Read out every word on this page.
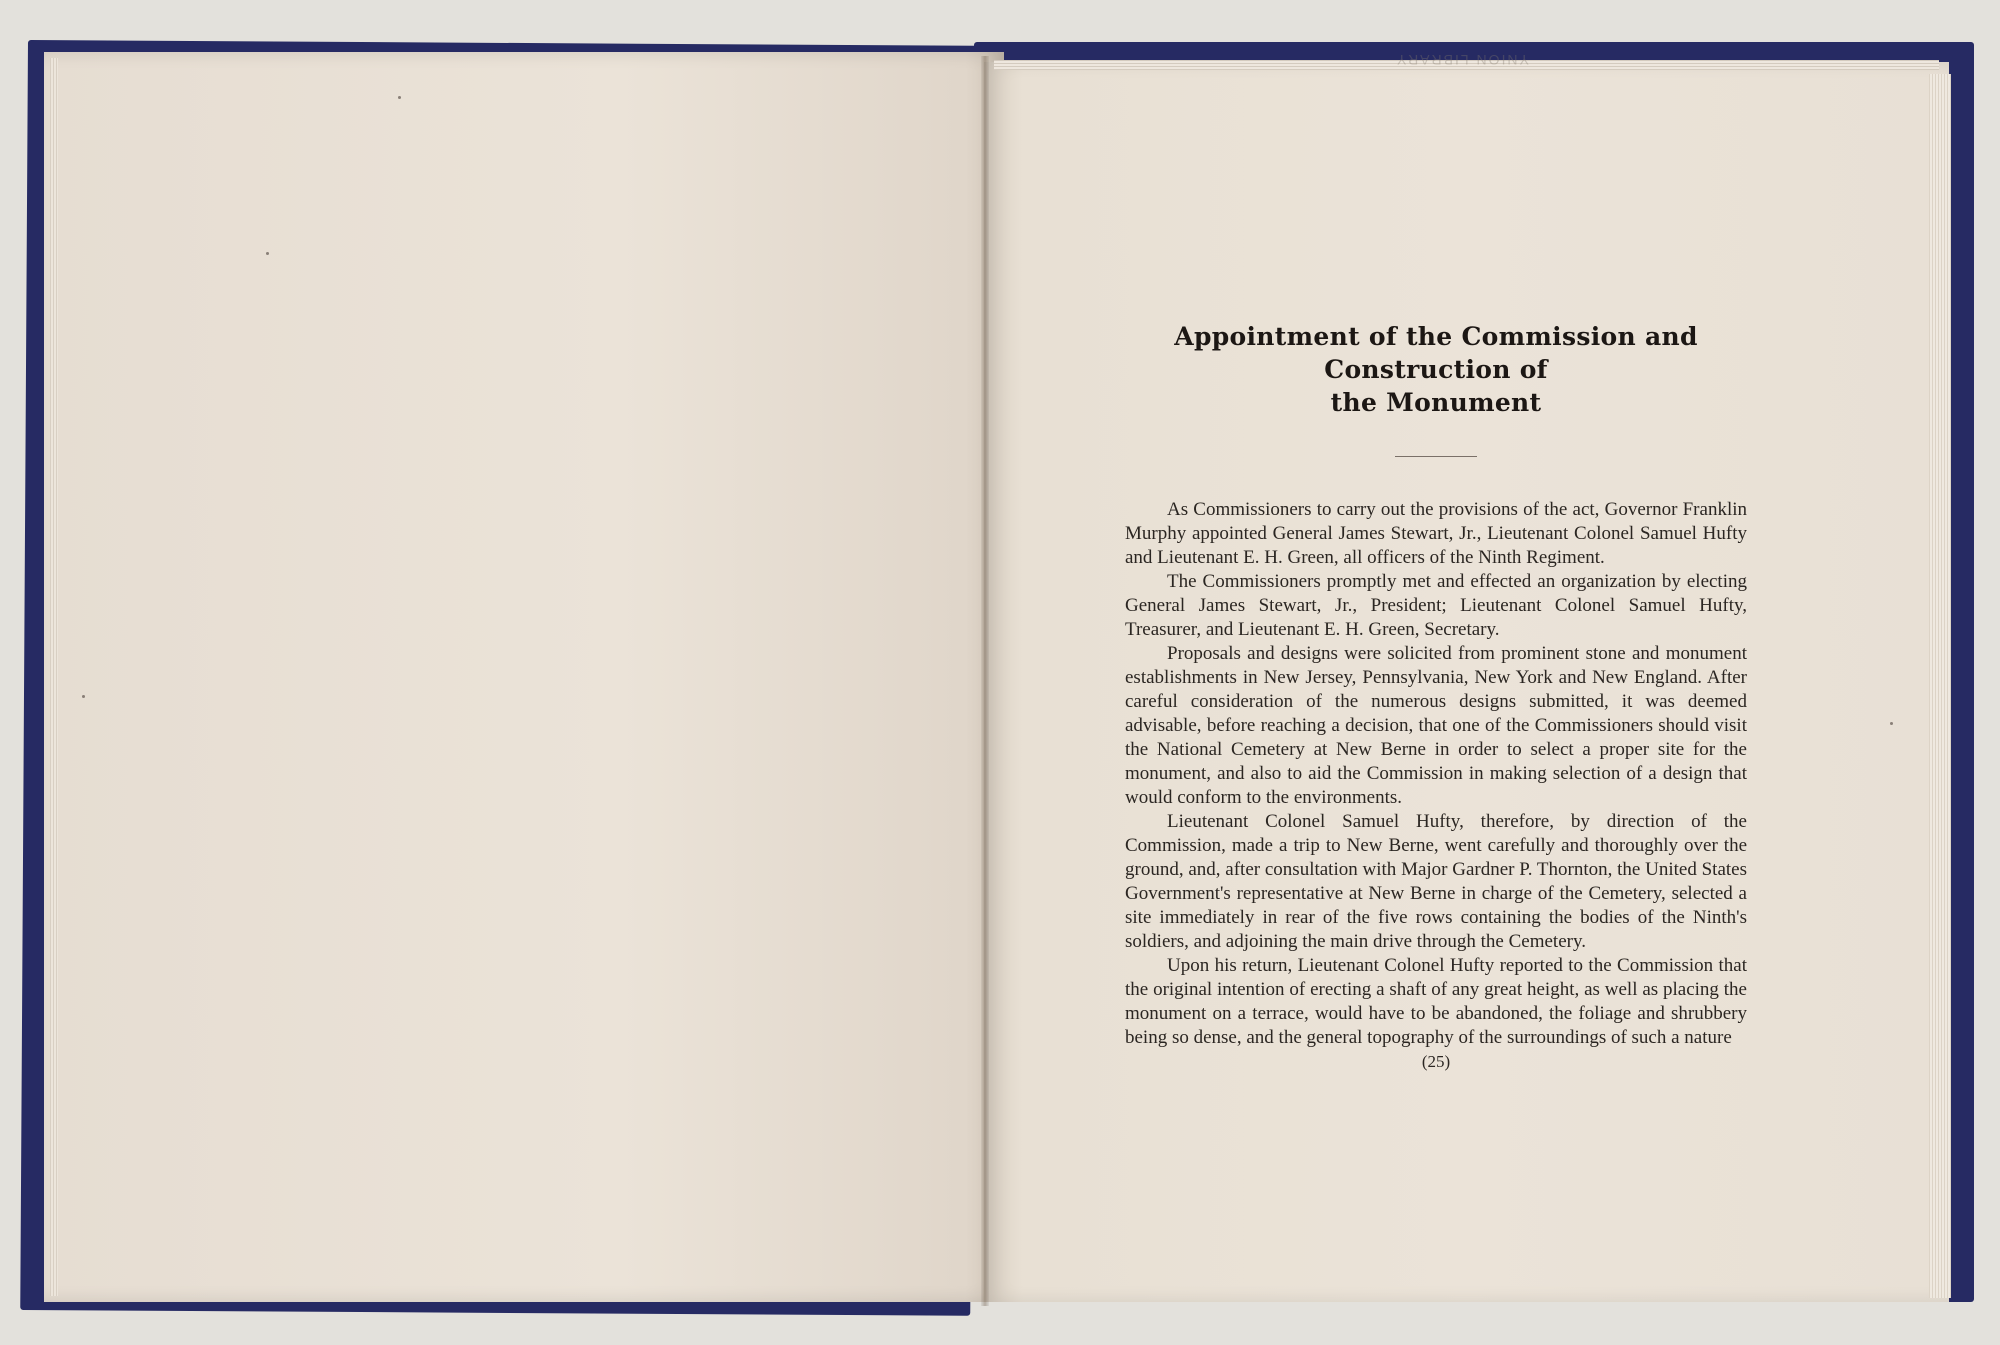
ΥNION LIBRARY
Appointment of the Commission and Construction of
the Monument

As Commissioners to carry out the provisions of the act, Governor Franklin Murphy appointed General James Stewart, Jr., Lieutenant Colonel Samuel Hufty and Lieutenant E. H. Green, all officers of the Ninth Regiment.

The Commissioners promptly met and effected an organization by electing General James Stewart, Jr., President; Lieutenant Colonel Samuel Hufty, Treasurer, and Lieutenant E. H. Green, Secretary.

Proposals and designs were solicited from prominent stone and monument establishments in New Jersey, Pennsylvania, New York and New England. After careful consideration of the numerous designs submitted, it was deemed advisable, before reaching a decision, that one of the Commissioners should visit the National Cemetery at New Berne in order to select a proper site for the monument, and also to aid the Commission in making selection of a design that would conform to the environments.

Lieutenant Colonel Samuel Hufty, therefore, by direction of the Commission, made a trip to New Berne, went carefully and thoroughly over the ground, and, after consultation with Major Gardner P. Thornton, the United States Government's representative at New Berne in charge of the Cemetery, selected a site immediately in rear of the five rows containing the bodies of the Ninth's soldiers, and adjoining the main drive through the Cemetery.

Upon his return, Lieutenant Colonel Hufty reported to the Commission that the original intention of erecting a shaft of any great height, as well as placing the monument on a terrace, would have to be abandoned, the foliage and shrubbery being so dense, and the general topography of the surroundings of such a nature

(25)
